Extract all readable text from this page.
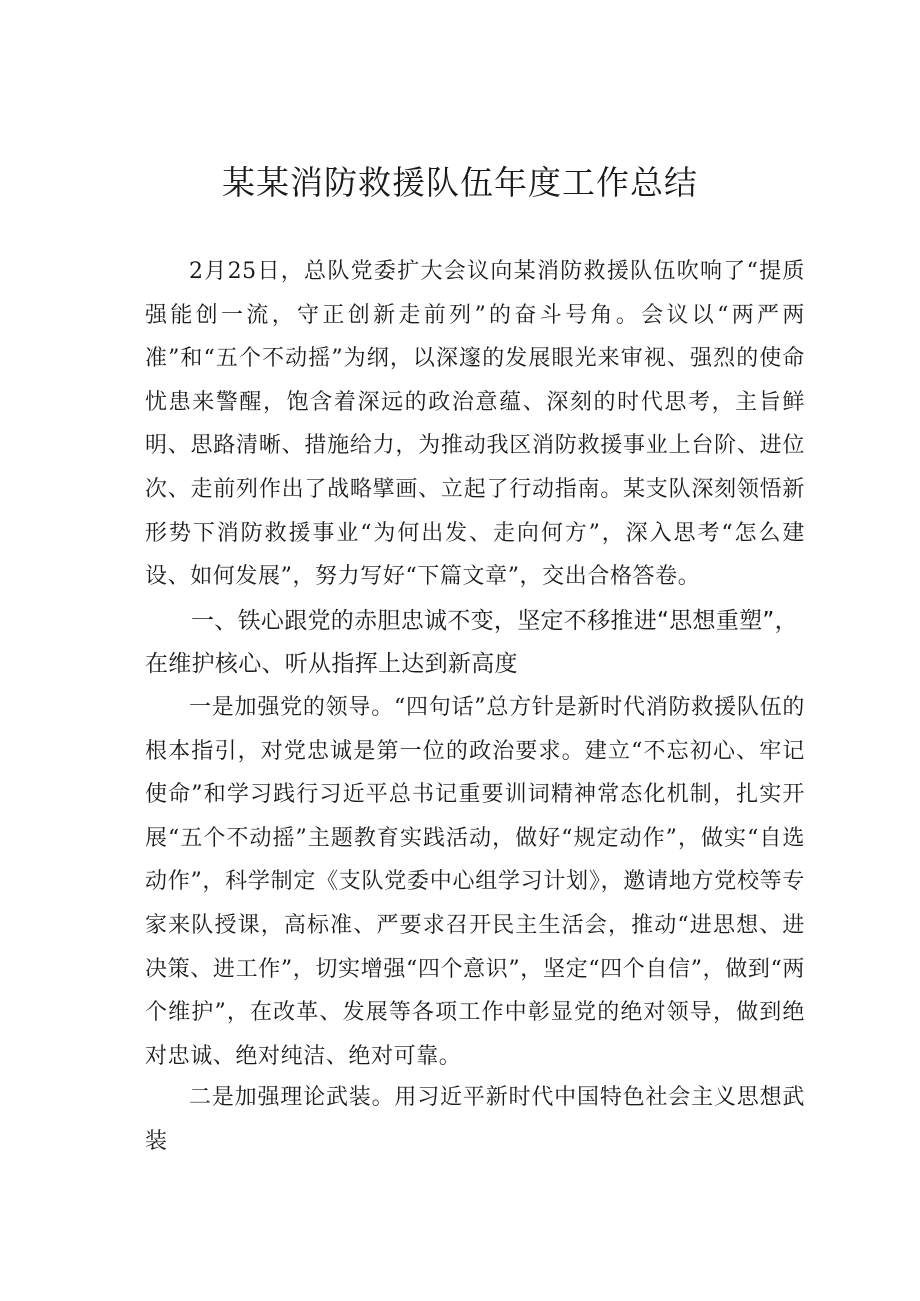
某某消防救援队伍年度工作总结

2月25日，总队党委扩大会议向某消防救援队伍吹响了“提质强能创一流，守正创新走前列”的奋斗号角。会议以“两严两准”和“五个不动摇”为纲，以深邃的发展眼光来审视、强烈的使命忧患来警醒，饱含着深远的政治意蕴、深刻的时代思考，主旨鲜明、思路清晰、措施给力，为推动我区消防救援事业上台阶、进位次、走前列作出了战略擘画、立起了行动指南。某支队深刻领悟新形势下消防救援事业“为何出发、走向何方”，深入思考“怎么建设、如何发展”，努力写好“下篇文章”，交出合格答卷。

一、铁心跟党的赤胆忠诚不变，坚定不移推进“思想重塑”，在维护核心、听从指挥上达到新高度

一是加强党的领导。“四句话”总方针是新时代消防救援队伍的根本指引，对党忠诚是第一位的政治要求。建立“不忘初心、牢记使命”和学习践行习近平总书记重要训词精神常态化机制，扎实开展“五个不动摇”主题教育实践活动，做好“规定动作”，做实“自选动作”，科学制定《支队党委中心组学习计划》，邀请地方党校等专家来队授课，高标准、严要求召开民主生活会，推动“进思想、进决策、进工作”，切实增强“四个意识”，坚定“四个自信”，做到“两个维护”，在改革、发展等各项工作中彰显党的绝对领导，做到绝对忠诚、绝对纯洁、绝对可靠。

二是加强理论武装。用习近平新时代中国特色社会主义思想武装
